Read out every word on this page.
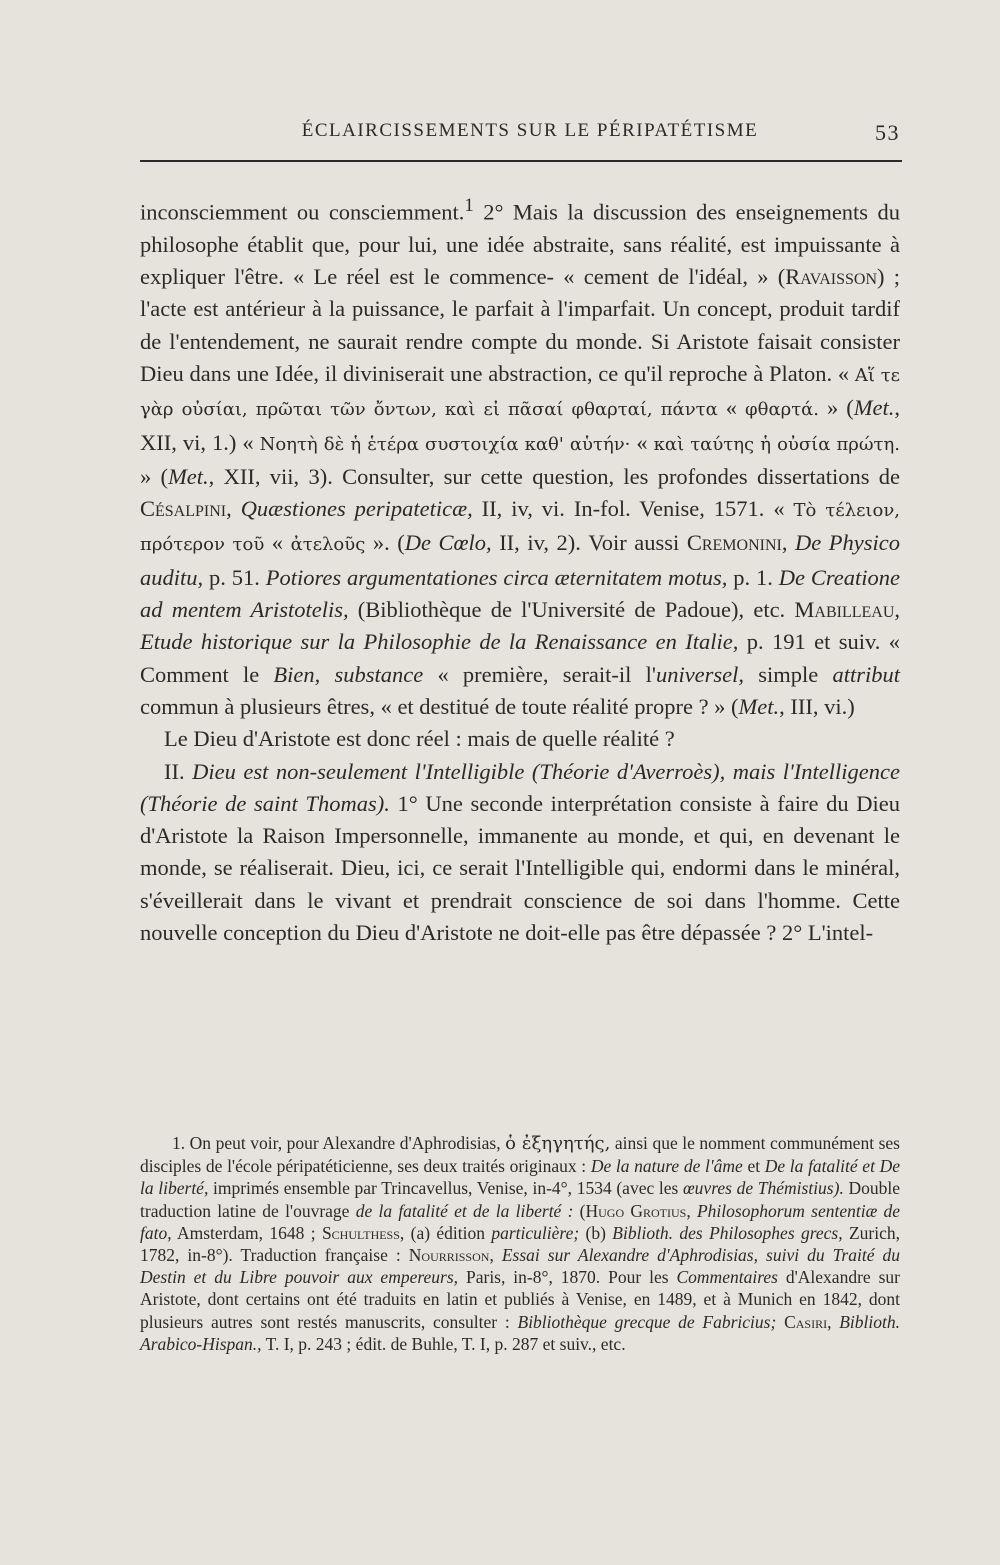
ÉCLAIRCISSEMENTS SUR LE PÉRIPATÉTISME	53

inconsciemment ou consciemment.$^1$ 2° Mais la discussion des enseignements du philosophe établit que, pour lui, une idée abstraite, sans réalité, est impuissante à expliquer l'être. « Le réel est le commence- « cement de l'idéal, » (Ravaisson) ; l'acte est antérieur à la puissance, le parfait à l'imparfait. Un concept, produit tardif de l'entendement, ne saurait rendre compte du monde. Si Aristote faisait consister Dieu dans une Idée, il diviniserait une abstraction, ce qu'il reproche à Platon. « Αἵ τε γὰρ οὐσίαι, πρῶται τῶν ὄντων, καὶ εἰ πᾶσαί φθαρταί, πάντα « φθαρτά. » (Met., XII, vi, 1.) « Νοητὴ δὲ ἡ ἑτέρα συστοιχία καθ' αὑτήν· « καὶ ταύτης ἡ οὐσία πρώτη. » (Met., XII, vii, 3). Consulter, sur cette question, les profondes dissertations de Césalpini, Quæstiones peripateticæ, II, iv, vi. In-fol. Venise, 1571. « Τὸ τέλειον, πρότερον τοῦ « ἀτελοῦς ». (De Cœlo, II, iv, 2). Voir aussi Cremonini, De Physico auditu, p. 51. Potiores argumentationes circa æternitatem motus, p. 1. De Creatione ad mentem Aristotelis, (Bibliothèque de l'Université de Padoue), etc. Mabilleau, Etude historique sur la Philosophie de la Renaissance en Italie, p. 191 et suiv. « Comment le Bien, substance « première, serait-il l'universel, simple attribut commun à plusieurs êtres, « et destitué de toute réalité propre ? » (Met., III, vi.)

Le Dieu d'Aristote est donc réel : mais de quelle réalité ?

II. Dieu est non-seulement l'Intelligible (Théorie d'Averroès), mais l'Intelligence (Théorie de saint Thomas). 1° Une seconde interprétation consiste à faire du Dieu d'Aristote la Raison Impersonnelle, immanente au monde, et qui, en devenant le monde, se réaliserait. Dieu, ici, ce serait l'Intelligible qui, endormi dans le minéral, s'éveillerait dans le vivant et prendrait conscience de soi dans l'homme. Cette nouvelle conception du Dieu d'Aristote ne doit-elle pas être dépassée ? 2° L'intel-

1. On peut voir, pour Alexandre d'Aphrodisias, ὁ ἐξηγητής, ainsi que le nomment communément ses disciples de l'école péripatéticienne, ses deux traités originaux : De la nature de l'âme et De la fatalité et De la liberté, imprimés ensemble par Trincavellus, Venise, in-4°, 1534 (avec les œuvres de Thémistius). Double traduction latine de l'ouvrage de la fatalité et de la liberté : (Hugo Grotius, Philosophorum sententiæ de fato, Amsterdam, 1648 ; Schulthess, (a) édition particulière; (b) Biblioth. des Philosophes grecs, Zurich, 1782, in-8°). Traduction française : Nourrisson, Essai sur Alexandre d'Aphrodisias, suivi du Traité du Destin et du Libre pouvoir aux empereurs, Paris, in-8°, 1870. Pour les Commentaires d'Alexandre sur Aristote, dont certains ont été traduits en latin et publiés à Venise, en 1489, et à Munich en 1842, dont plusieurs autres sont restés manuscrits, consulter : Bibliothèque grecque de Fabricius; Casiri, Biblioth. Arabico-Hispan., T. I, p. 243 ; édit. de Buhle, T. I, p. 287 et suiv., etc.
